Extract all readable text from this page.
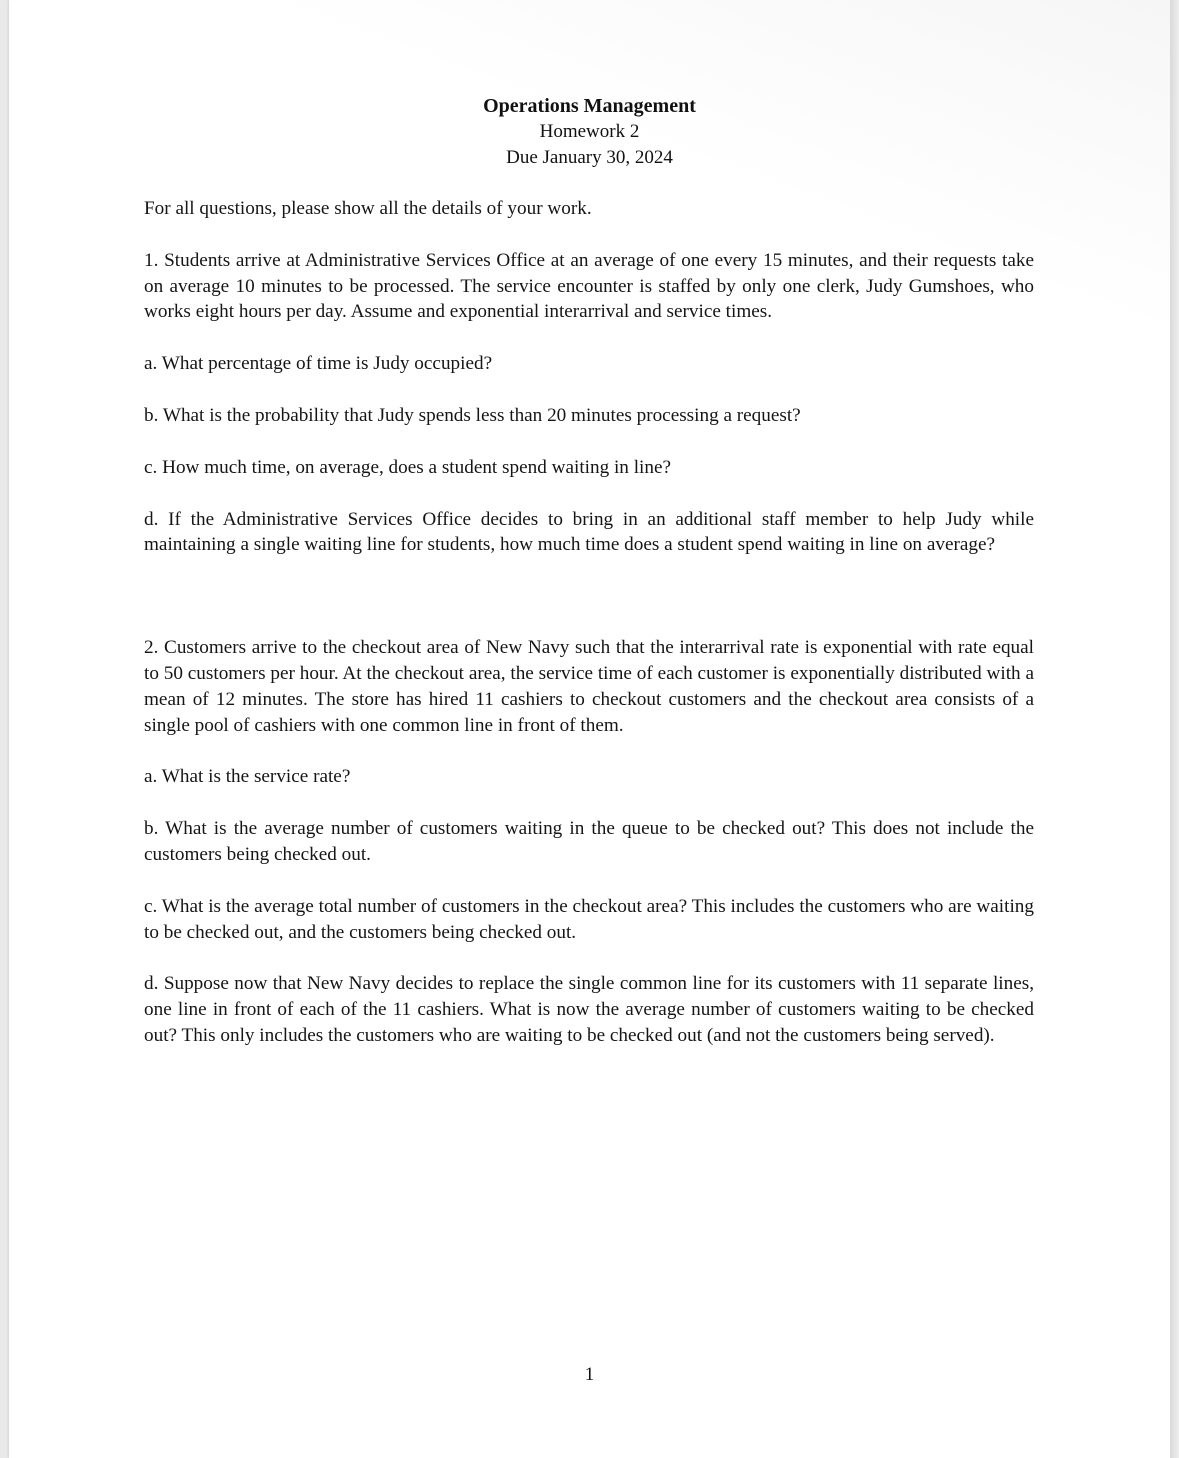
Operations Management
Homework 2
Due January 30, 2024

For all questions, please show all the details of your work.

1. Students arrive at Administrative Services Office at an average of one every 15 minutes, and their requests take on average 10 minutes to be processed. The service encounter is staffed by only one clerk, Judy Gumshoes, who works eight hours per day. Assume and exponential interarrival and service times.

a. What percentage of time is Judy occupied?

b. What is the probability that Judy spends less than 20 minutes processing a request?

c. How much time, on average, does a student spend waiting in line?

d. If the Administrative Services Office decides to bring in an additional staff member to help Judy while maintaining a single waiting line for students, how much time does a student spend waiting in line on average?

2. Customers arrive to the checkout area of New Navy such that the interarrival rate is exponential with rate equal to 50 customers per hour. At the checkout area, the service time of each customer is exponentially distributed with a mean of 12 minutes. The store has hired 11 cashiers to checkout customers and the checkout area consists of a single pool of cashiers with one common line in front of them.

a. What is the service rate?

b. What is the average number of customers waiting in the queue to be checked out? This does not include the customers being checked out.

c. What is the average total number of customers in the checkout area? This includes the customers who are waiting to be checked out, and the customers being checked out.

d. Suppose now that New Navy decides to replace the single common line for its customers with 11 separate lines, one line in front of each of the 11 cashiers. What is now the average number of customers waiting to be checked out? This only includes the customers who are waiting to be checked out (and not the customers being served).

1
